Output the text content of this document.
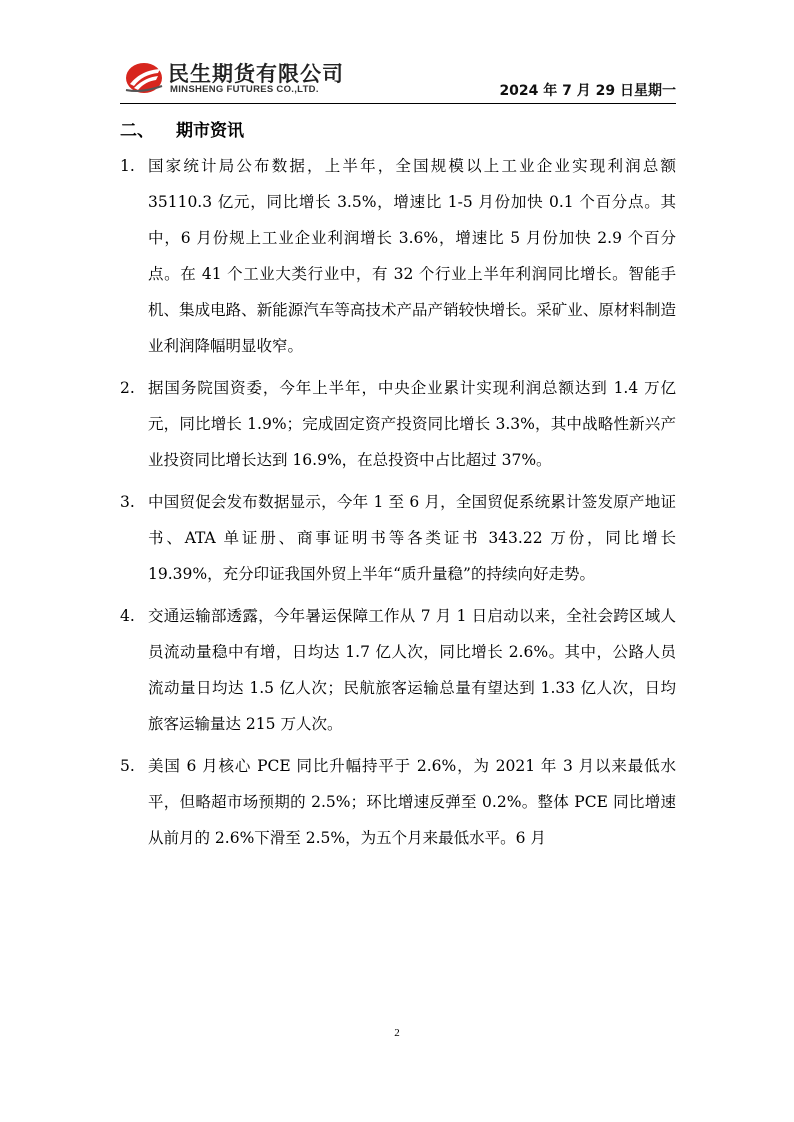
民生期货有限公司
MINSHENG FUTURES CO.,LTD.	2024 年 7 月 29 日星期一
二、 期市资讯

1. 国家统计局公布数据，上半年，全国规模以上工业企业实现利润总额 35110.3 亿元，同比增长 3.5%，增速比 1-5 月份加快 0.1 个百分点。其中，6 月份规上工业企业利润增长 3.6%，增速比 5 月份加快 2.9 个百分点。在 41 个工业大类行业中，有 32 个行业上半年利润同比增长。智能手机、集成电路、新能源汽车等高技术产品产销较快增长。采矿业、原材料制造业利润降幅明显收窄。

2. 据国务院国资委，今年上半年，中央企业累计实现利润总额达到 1.4 万亿元，同比增长 1.9%；完成固定资产投资同比增长 3.3%，其中战略性新兴产业投资同比增长达到 16.9%，在总投资中占比超过 37%。

3. 中国贸促会发布数据显示，今年 1 至 6 月，全国贸促系统累计签发原产地证书、ATA 单证册、商事证明书等各类证书 343.22 万份，同比增长 19.39%，充分印证我国外贸上半年“质升量稳”的持续向好走势。

4. 交通运输部透露，今年暑运保障工作从 7 月 1 日启动以来，全社会跨区域人员流动量稳中有增，日均达 1.7 亿人次，同比增长 2.6%。其中，公路人员流动量日均达 1.5 亿人次；民航旅客运输总量有望达到 1.33 亿人次，日均旅客运输量达 215 万人次。

5. 美国 6 月核心 PCE 同比升幅持平于 2.6%，为 2021 年 3 月以来最低水平，但略超市场预期的 2.5%；环比增速反弹至 0.2%。整体 PCE 同比增速从前月的 2.6%下滑至 2.5%，为五个月来最低水平。6 月

2
